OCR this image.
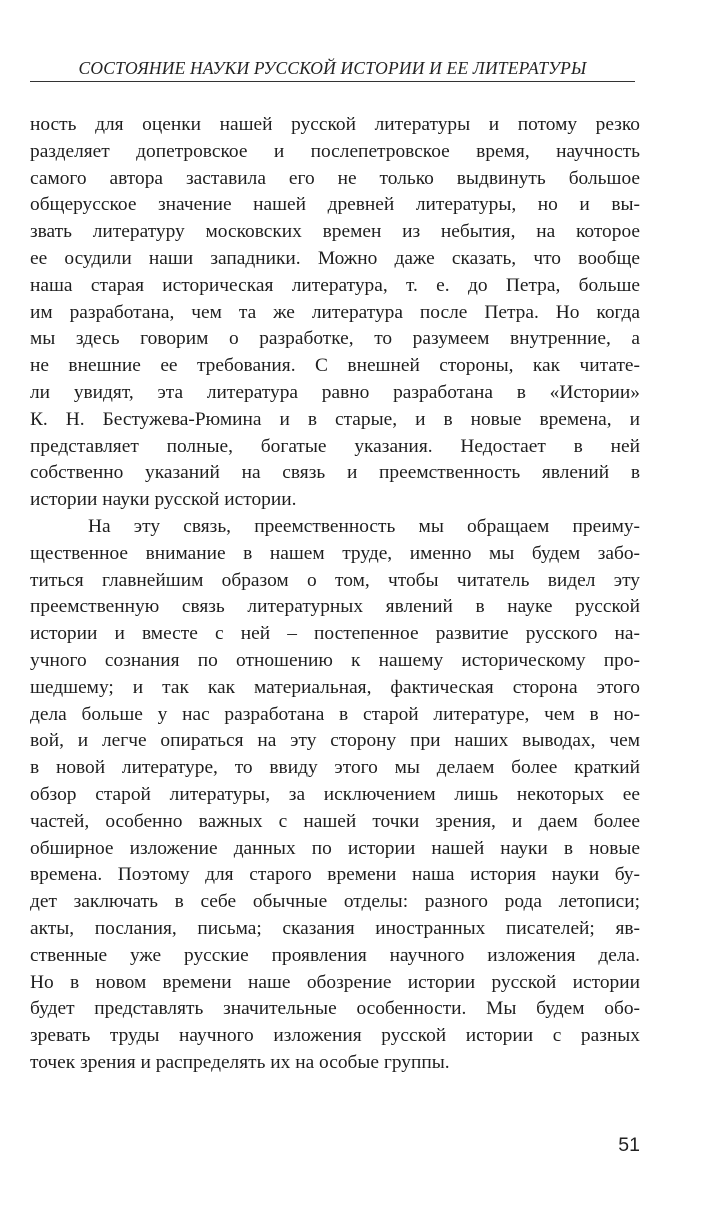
СОСТОЯНИЕ НАУКИ РУССКОЙ ИСТОРИИ И ЕЕ ЛИТЕРАТУРЫ
ность для оценки нашей русской литературы и потому резко
разделяет допетровское и послепетровское время, научность
самого автора заставила его не только выдвинуть большое
общерусское значение нашей древней литературы, но и вы-
звать литературу московских времен из небытия, на которое
ее осудили наши западники. Можно даже сказать, что вообще
наша старая историческая литература, т. е. до Петра, больше
им разработана, чем та же литература после Петра. Но когда
мы здесь говорим о разработке, то разумеем внутренние, а
не внешние ее требования. С внешней стороны, как читате-
ли увидят, эта литература равно разработана в «Истории»
К. Н. Бестужева-Рюмина и в старые, и в новые времена, и
представляет полные, богатые указания. Недостает в ней
собственно указаний на связь и преемственность явлений в
истории науки русской истории.
На эту связь, преемственность мы обращаем преиму-
щественное внимание в нашем труде, именно мы будем забо-
титься главнейшим образом о том, чтобы читатель видел эту
преемственную связь литературных явлений в науке русской
истории и вместе с ней – постепенное развитие русского на-
учного сознания по отношению к нашему историческому про-
шедшему; и так как материальная, фактическая сторона этого
дела больше у нас разработана в старой литературе, чем в но-
вой, и легче опираться на эту сторону при наших выводах, чем
в новой литературе, то ввиду этого мы делаем более краткий
обзор старой литературы, за исключением лишь некоторых ее
частей, особенно важных с нашей точки зрения, и даем более
обширное изложение данных по истории нашей науки в новые
времена. Поэтому для старого времени наша история науки бу-
дет заключать в себе обычные отделы: разного рода летописи;
акты, послания, письма; сказания иностранных писателей; яв-
ственные уже русские проявления научного изложения дела.
Но в новом времени наше обозрение истории русской истории
будет представлять значительные особенности. Мы будем обо-
зревать труды научного изложения русской истории с разных
точек зрения и распределять их на особые группы.
51
